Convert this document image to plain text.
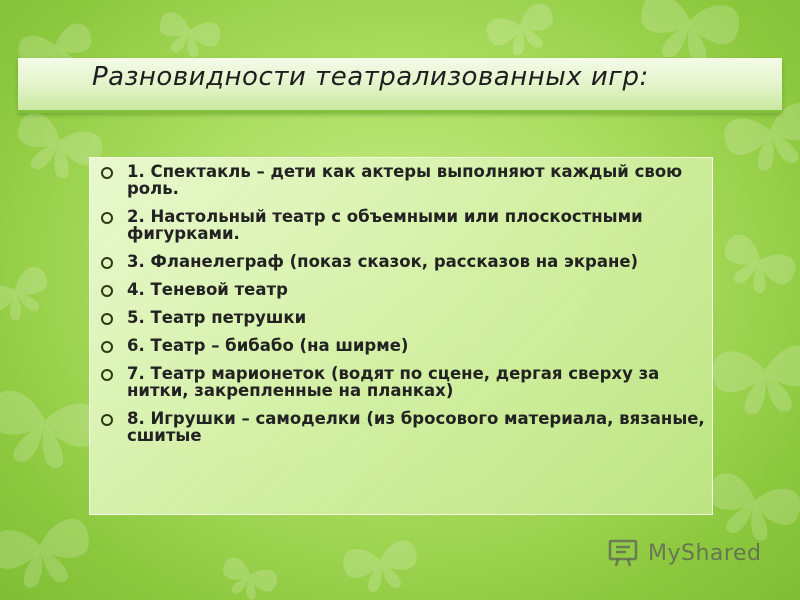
Разновидности театрализованных игр:
1. Спектакль – дети как актеры выполняют каждый свою роль.
2. Настольный театр с объемными или плоскостными фигурками.
3. Фланелеграф (показ сказок, рассказов на экране)
4. Теневой театр
5. Театр петрушки
6. Театр – бибабо (на ширме)
7. Театр марионеток (водят по сцене, дергая сверху за нитки, закрепленные на планках)
8. Игрушки – самоделки (из бросового материала, вязаные, сшитые
MyShared
